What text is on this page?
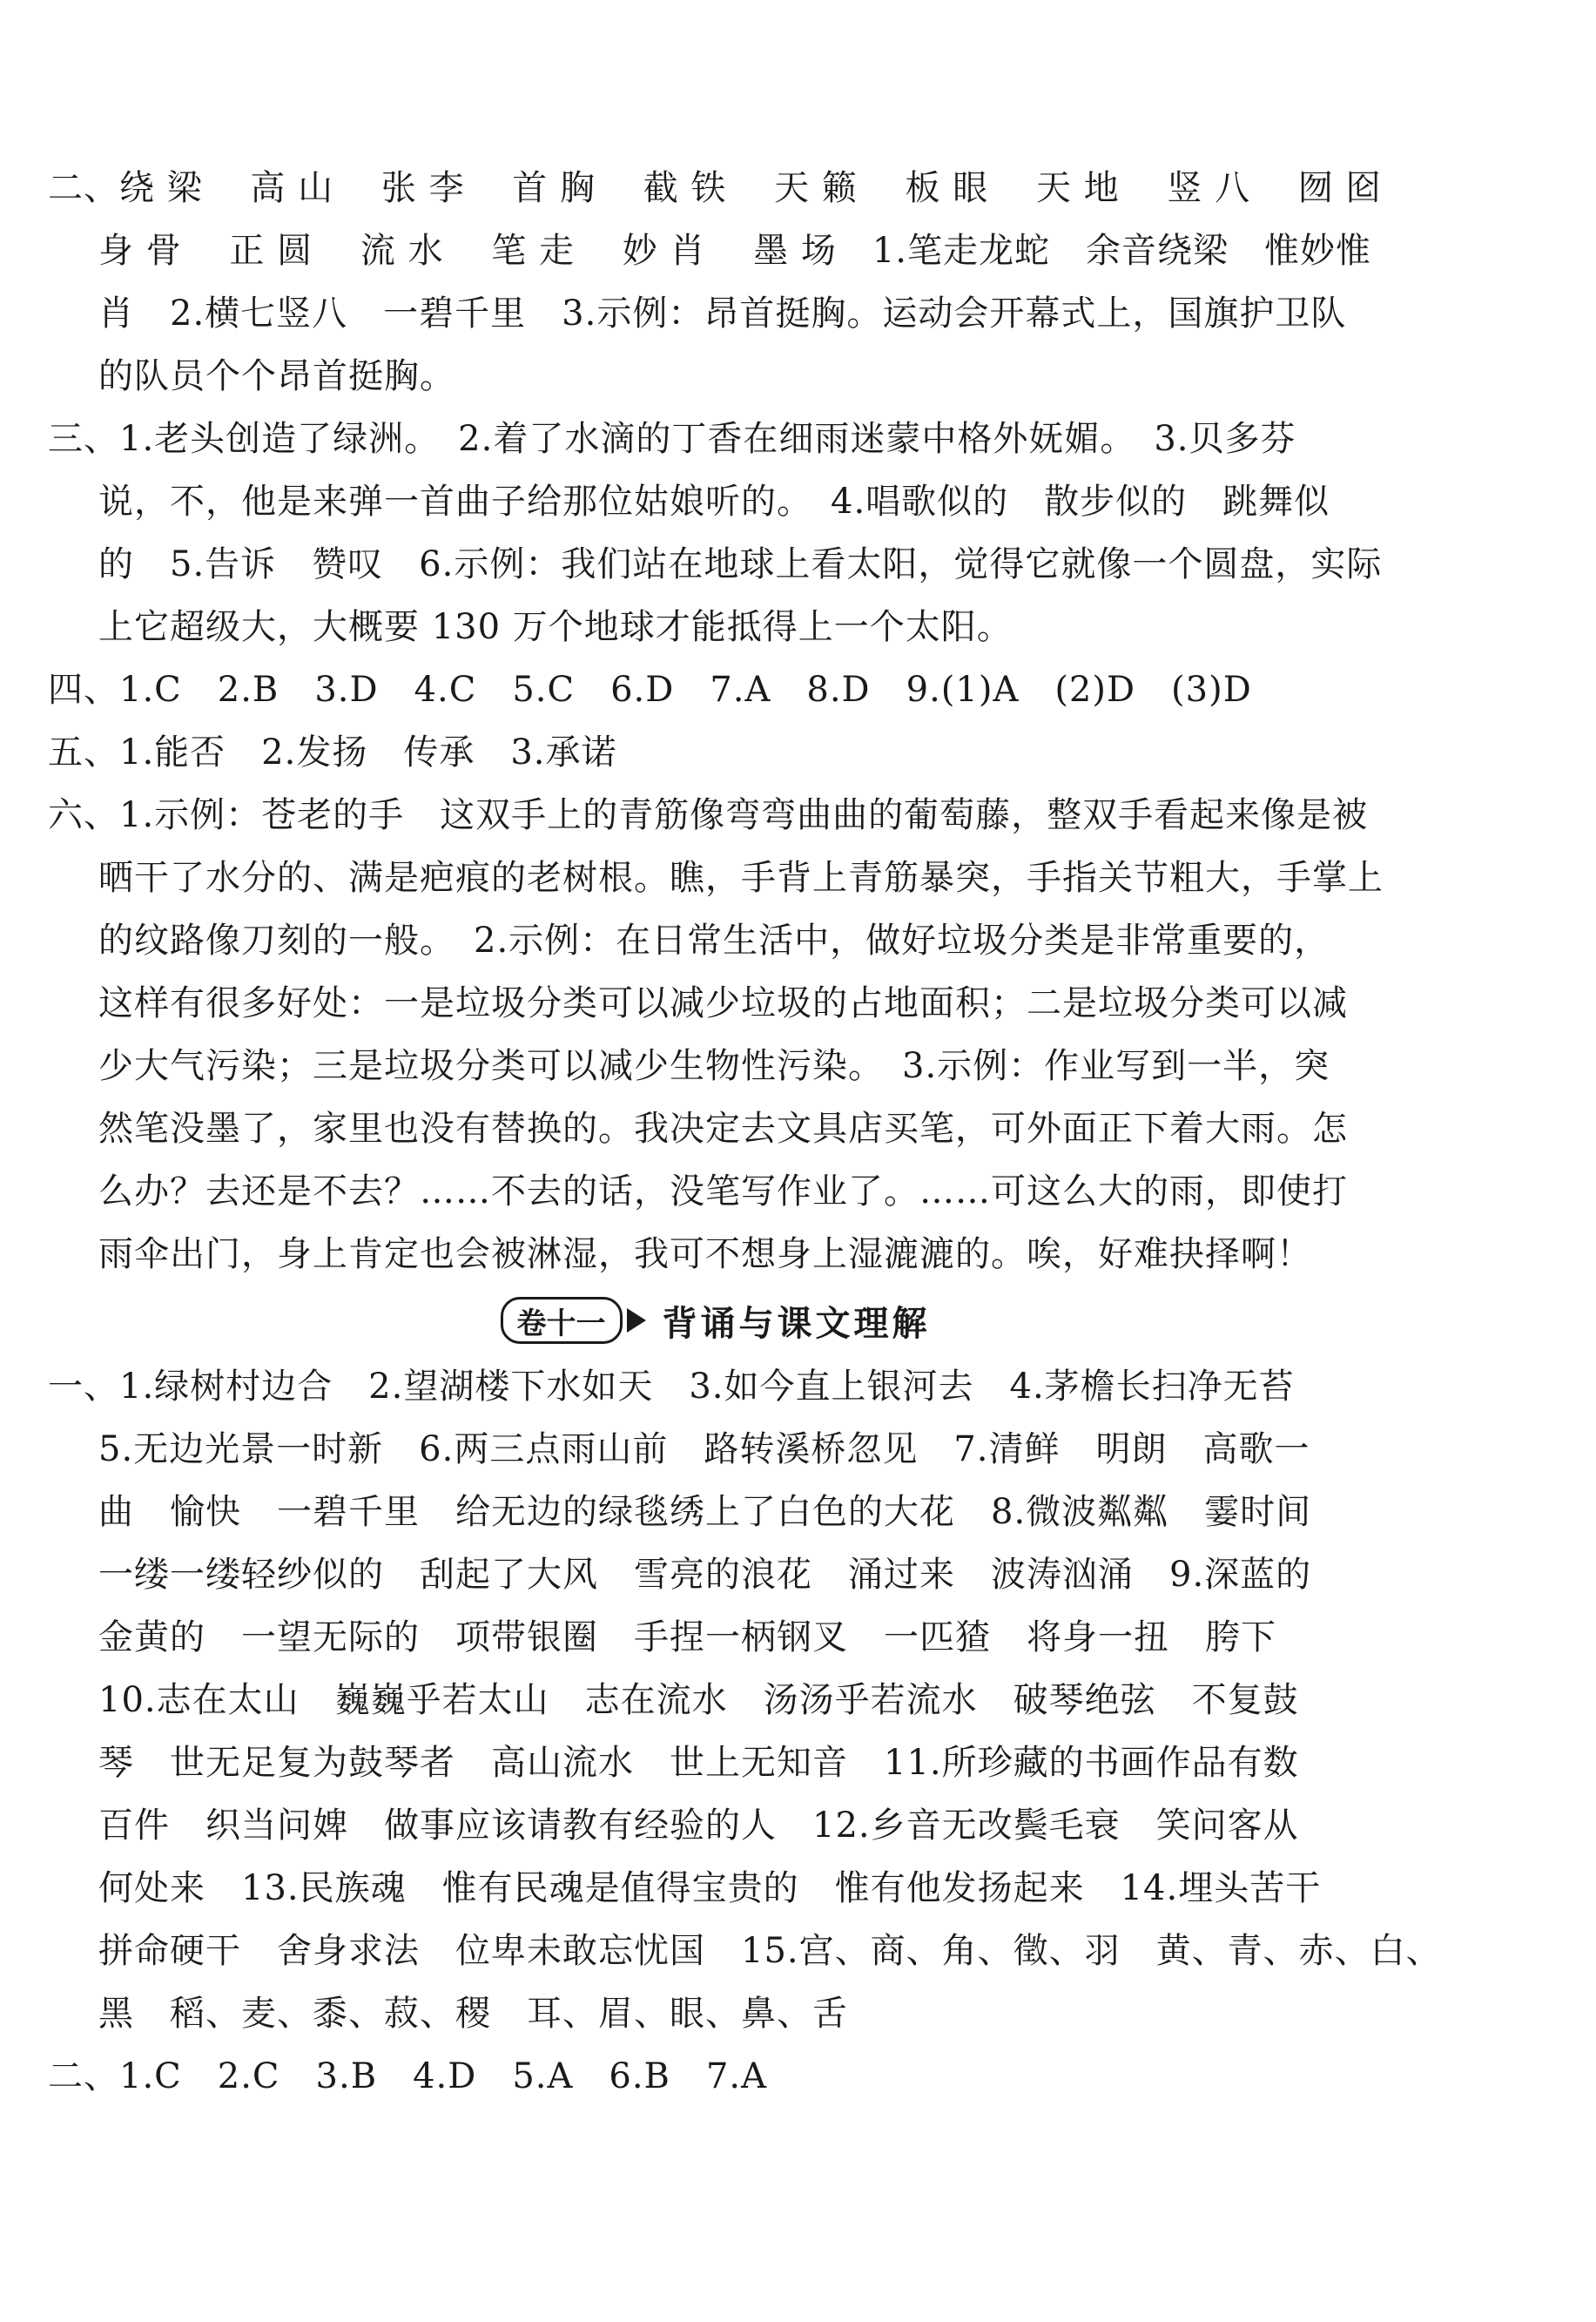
二、绕 梁　 高 山　 张 李　 首 胸　 截 铁　 天 籁　 板 眼　 天 地　 竖 八　 囫 囵
身 骨　 正 圆　 流 水　 笔 走　 妙 肖　 墨 场　1.笔走龙蛇　余音绕梁　惟妙惟
肖　2.横七竖八　一碧千里　3.示例：昂首挺胸。运动会开幕式上，国旗护卫队
的队员个个昂首挺胸。
三、1.老头创造了绿洲。　2.着了水滴的丁香在细雨迷蒙中格外妩媚。　3.贝多芬
说，不，他是来弹一首曲子给那位姑娘听的。　4.唱歌似的　散步似的　跳舞似
的　5.告诉　赞叹　6.示例：我们站在地球上看太阳，觉得它就像一个圆盘，实际
上它超级大，大概要 130 万个地球才能抵得上一个太阳。
四、1.C　2.B　3.D　4.C　5.C　6.D　7.A　8.D　9.(1)A　(2)D　(3)D
五、1.能否　2.发扬　传承　3.承诺
六、1.示例：苍老的手　这双手上的青筋像弯弯曲曲的葡萄藤，整双手看起来像是被
晒干了水分的、满是疤痕的老树根。瞧，手背上青筋暴突，手指关节粗大，手掌上
的纹路像刀刻的一般。　2.示例：在日常生活中，做好垃圾分类是非常重要的，
这样有很多好处：一是垃圾分类可以减少垃圾的占地面积；二是垃圾分类可以减
少大气污染；三是垃圾分类可以减少生物性污染。　3.示例：作业写到一半，突
然笔没墨了，家里也没有替换的。我决定去文具店买笔，可外面正下着大雨。怎
么办？去还是不去？……不去的话，没笔写作业了。……可这么大的雨，即使打
雨伞出门，身上肯定也会被淋湿，我可不想身上湿漉漉的。唉，好难抉择啊！
卷十一 背诵与课文理解
一、1.绿树村边合　2.望湖楼下水如天　3.如今直上银河去　4.茅檐长扫净无苔
5.无边光景一时新　6.两三点雨山前　路转溪桥忽见　7.清鲜　明朗　高歌一
曲　愉快　一碧千里　给无边的绿毯绣上了白色的大花　8.微波粼粼　霎时间
一缕一缕轻纱似的　刮起了大风　雪亮的浪花　涌过来　波涛汹涌　9.深蓝的
金黄的　一望无际的　项带银圈　手捏一柄钢叉　一匹猹　将身一扭　胯下
10.志在太山　巍巍乎若太山　志在流水　汤汤乎若流水　破琴绝弦　不复鼓
琴　世无足复为鼓琴者　高山流水　世上无知音　11.所珍藏的书画作品有数
百件　织当问婢　做事应该请教有经验的人　12.乡音无改鬓毛衰　笑问客从
何处来　13.民族魂　惟有民魂是值得宝贵的　惟有他发扬起来　14.埋头苦干
拼命硬干　舍身求法　位卑未敢忘忧国　15.宫、商、角、徵、羽　黄、青、赤、白、
黑　稻、麦、黍、菽、稷　耳、眉、眼、鼻、舌
二、1.C　2.C　3.B　4.D　5.A　6.B　7.A
